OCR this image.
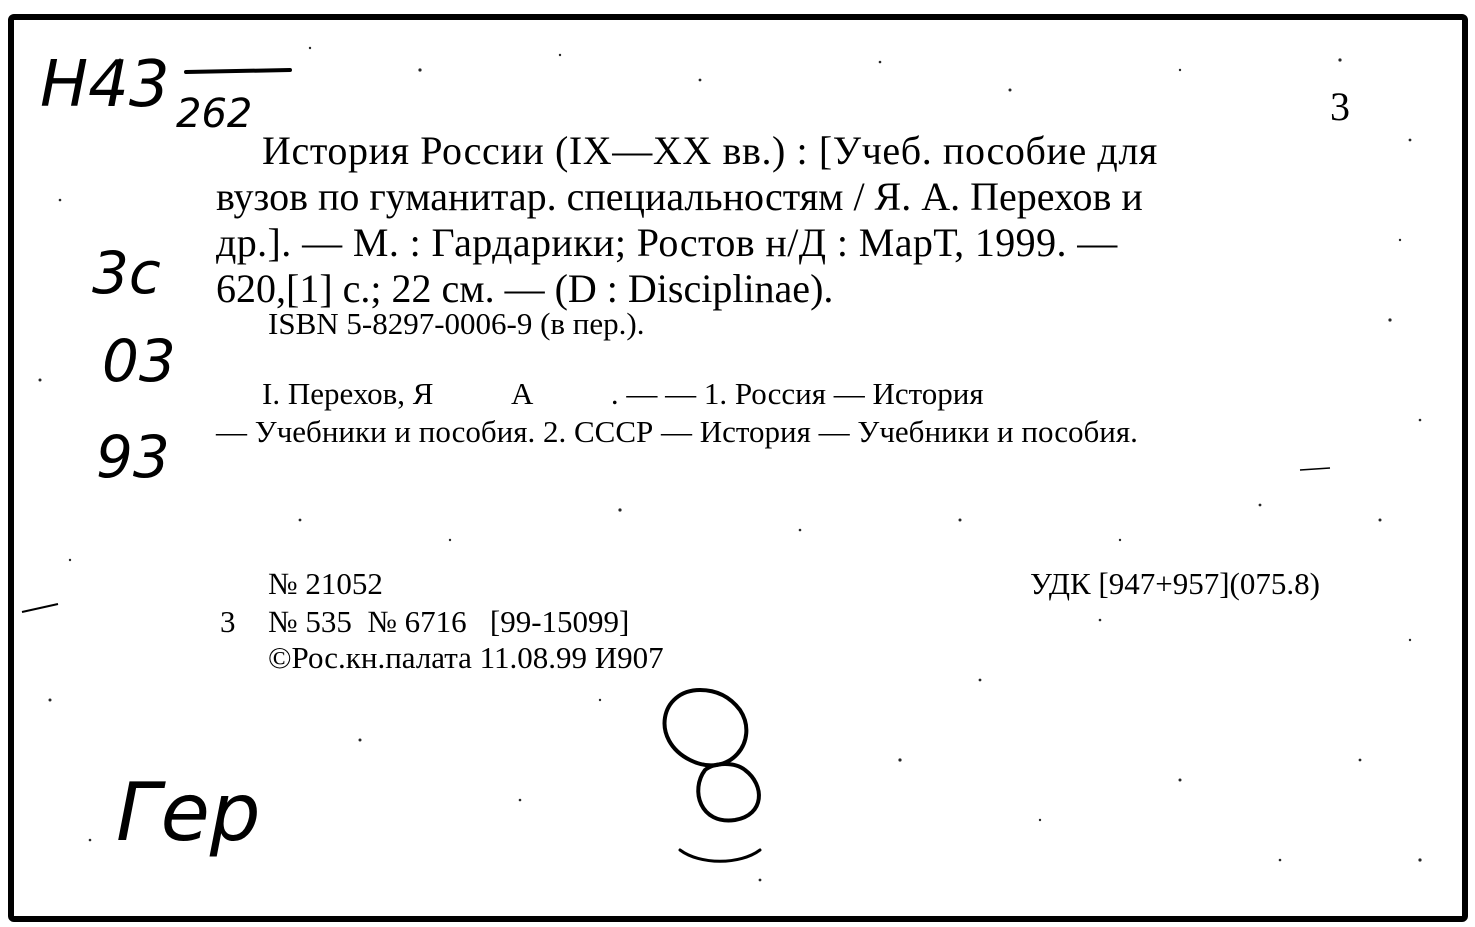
Н43 262
3с
03
93
Гер
3
История России (IX—XX вв.) : [Учеб. пособие для
вузов по гуманитар. специальностям / Я. А. Перехов и
др.]. — М. : Гардарики; Ростов н/Д : МарТ, 1999. —
620,[1] с.; 22 см. — (D : Disciplinae).
ISBN 5-8297-0006-9 (в пер.).
I. Перехов, Я          А          . — — 1. Россия — История
— Учебники и пособия. 2. СССР — История — Учебники и пособия.
№ 21052	УДК [947+957](075.8)
3 № 535  № 6716   [99-15099]
©Рос.кн.палата 11.08.99 И907
